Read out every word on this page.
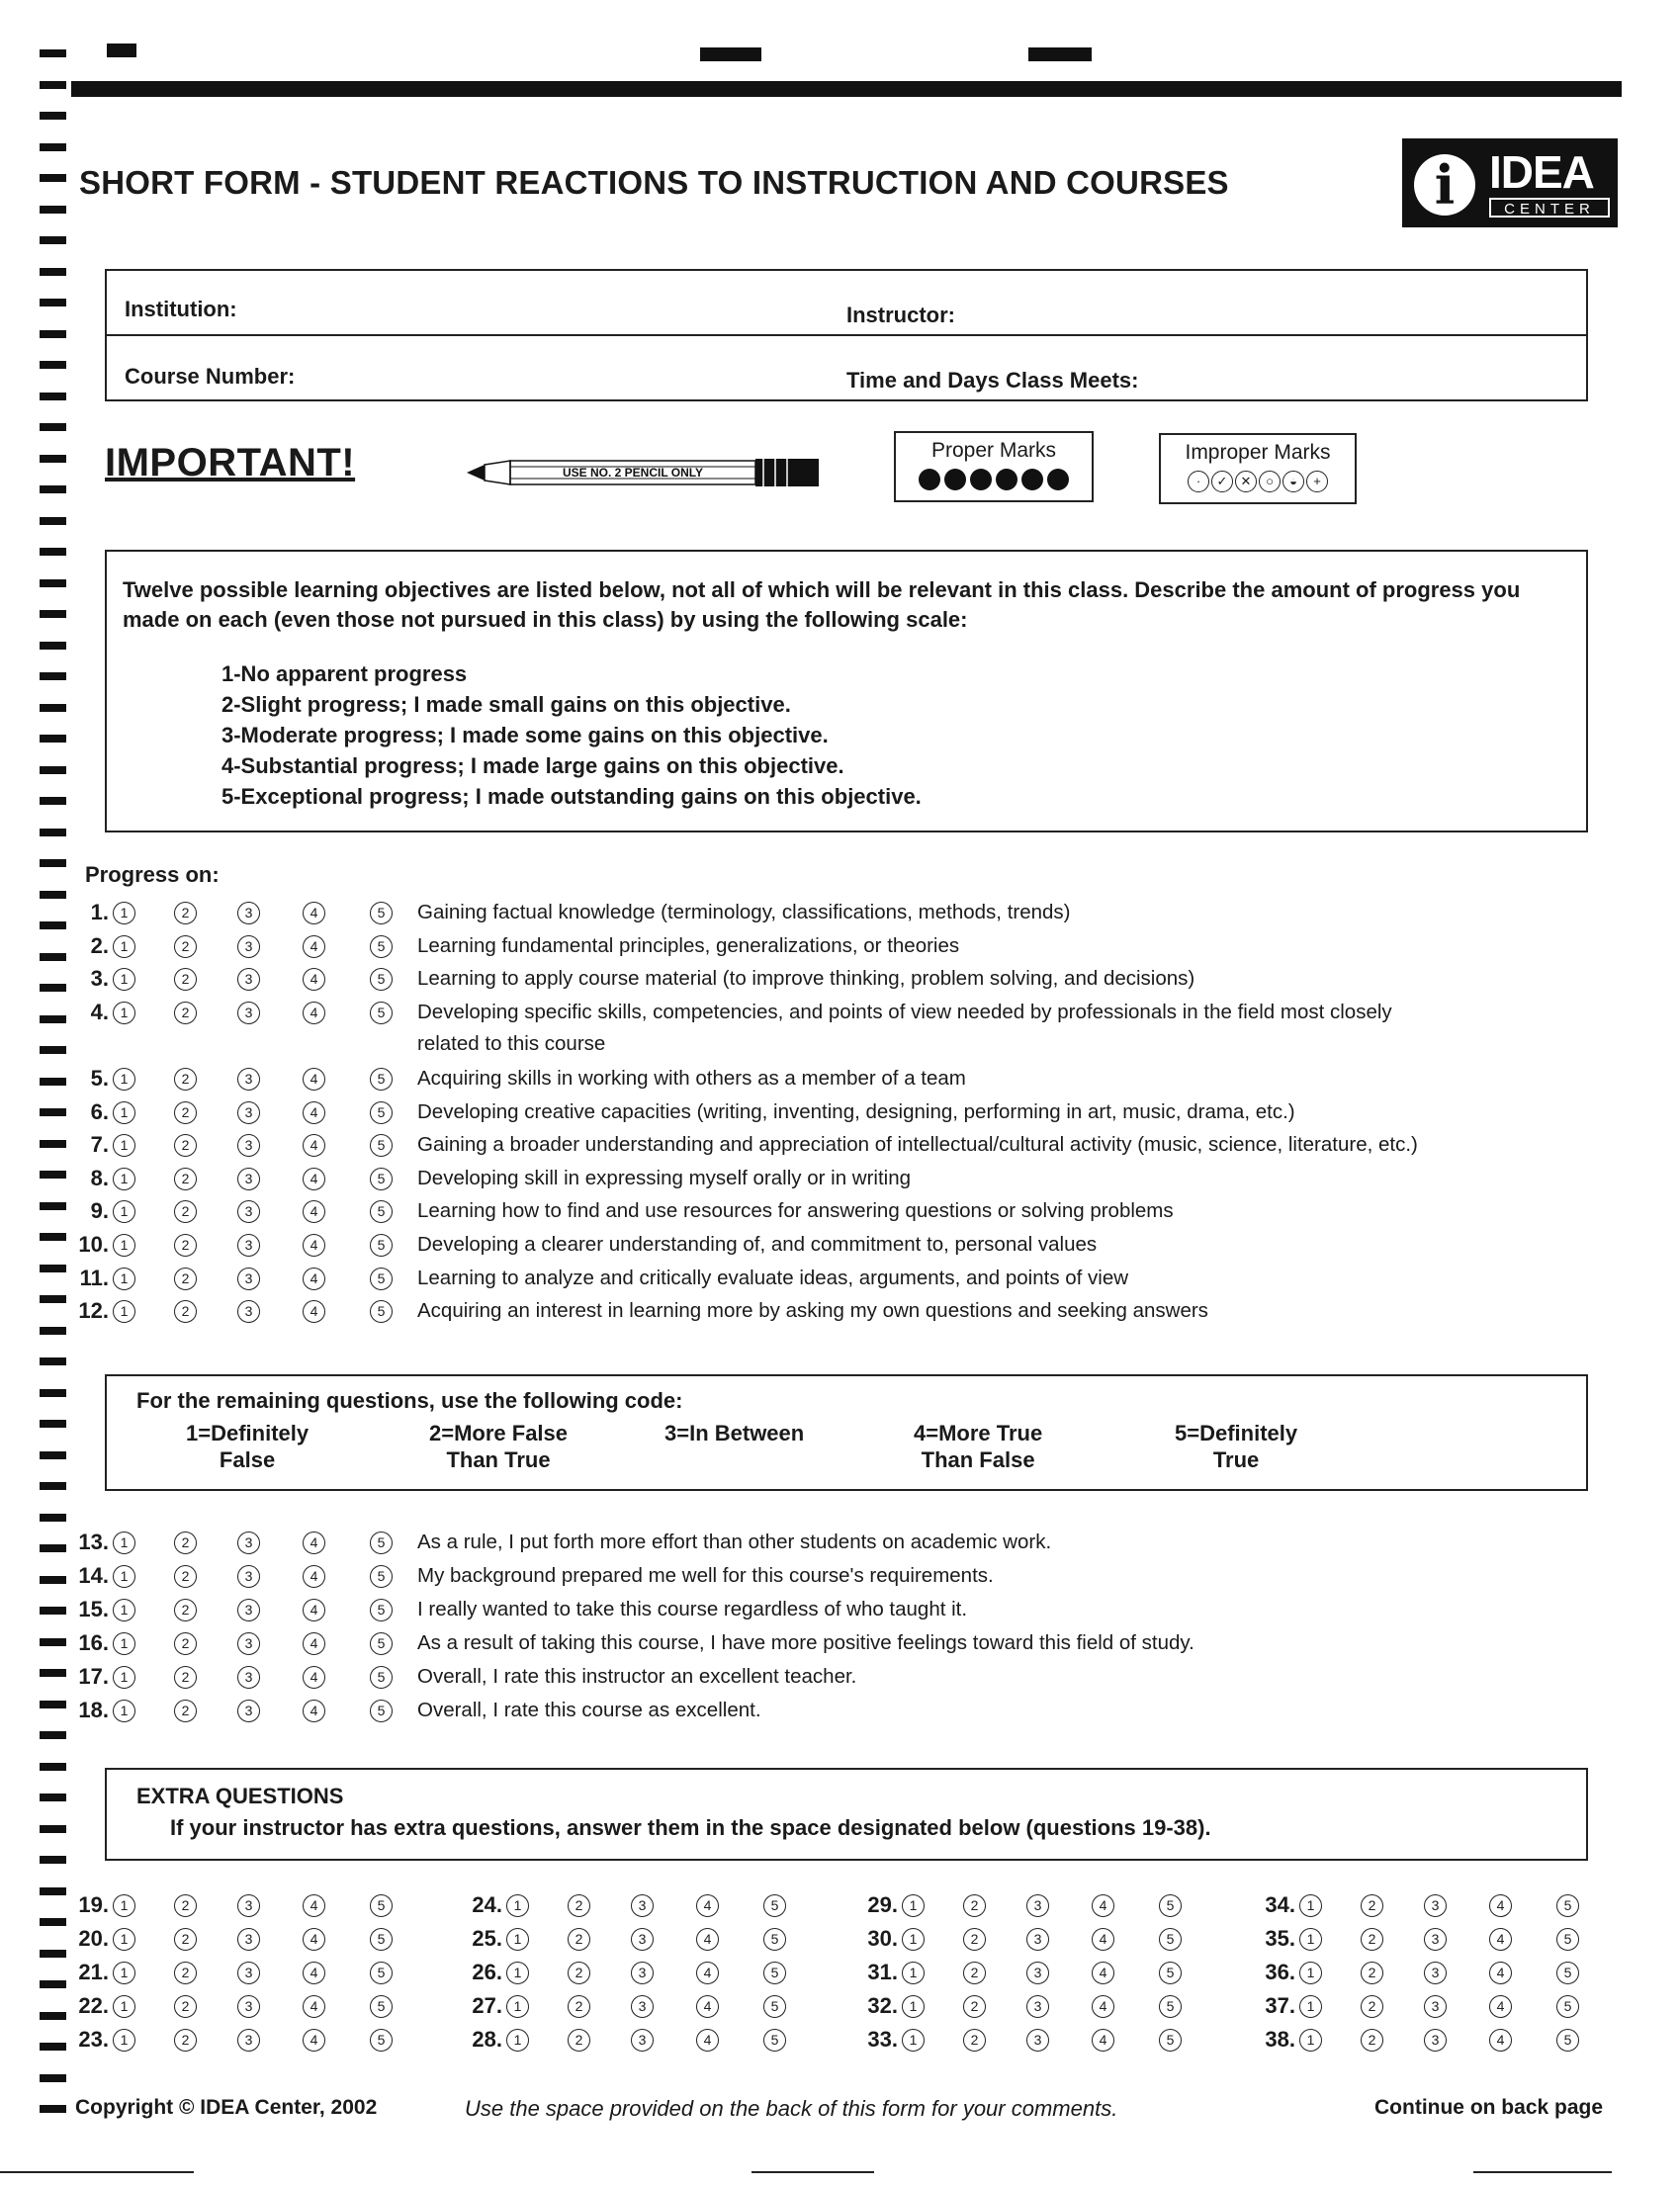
SHORT FORM - STUDENT REACTIONS TO INSTRUCTION AND COURSES	i IDEA
CENTER
Institution:	Instructor:
Course Number:	Time and Days Class Meets:
IMPORTANT!	USE NO. 2 PENCIL ONLY
Proper Marks	Improper Marks
· ✓ ✕ ○ ◒ +
Twelve possible learning objectives are listed below, not all of which will be relevant in this class. Describe the amount of progress you made on each (even those not pursued in this class) by using the following scale:
1-No apparent progress
2-Slight progress; I made small gains on this objective.
3-Moderate progress; I made some gains on this objective.
4-Substantial progress; I made large gains on this objective.
5-Exceptional progress; I made outstanding gains on this objective.
Progress on:
1. 1	2	3	4	5	Gaining factual knowledge (terminology, classifications, methods, trends)
2. 1	2	3	4	5	Learning fundamental principles, generalizations, or theories
3. 1	2	3	4	5	Learning to apply course material (to improve thinking, problem solving, and decisions)
4. 1	2	3	4	5	Developing specific skills, competencies, and points of view needed by professionals in the field most closely
related to this course
5. 1	2	3	4	5	Acquiring skills in working with others as a member of a team
6. 1	2	3	4	5	Developing creative capacities (writing, inventing, designing, performing in art, music, drama, etc.)
7. 1	2	3	4	5	Gaining a broader understanding and appreciation of intellectual/cultural activity (music, science, literature, etc.)
8. 1	2	3	4	5	Developing skill in expressing myself orally or in writing
9. 1	2	3	4	5	Learning how to find and use resources for answering questions or solving problems
10. 1	2	3	4	5	Developing a clearer understanding of, and commitment to, personal values
11. 1	2	3	4	5	Learning to analyze and critically evaluate ideas, arguments, and points of view
12. 1	2	3	4	5	Acquiring an interest in learning more by asking my own questions and seeking answers
For the remaining questions, use the following code:
1=Definitely
False
2=More False
Than True
3=In Between	4=More True
Than False
5=Definitely
True
13. 1	2	3	4	5	As a rule, I put forth more effort than other students on academic work.
14. 1	2	3	4	5	My background prepared me well for this course's requirements.
15. 1	2	3	4	5	I really wanted to take this course regardless of who taught it.
16. 1	2	3	4	5	As a result of taking this course, I have more positive feelings toward this field of study.
17. 1	2	3	4	5	Overall, I rate this instructor an excellent teacher.
18. 1	2	3	4	5	Overall, I rate this course as excellent.
EXTRA QUESTIONS
If your instructor has extra questions, answer them in the space designated below (questions 19-38).
19. 1	2	3	4	5
20. 1	2	3	4	5
21. 1	2	3	4	5
22. 1	2	3	4	5
23. 1	2	3	4	5
24. 1	2	3	4	5
25. 1	2	3	4	5
26. 1	2	3	4	5
27. 1	2	3	4	5
28. 1	2	3	4	5
29. 1	2	3	4	5
30. 1	2	3	4	5
31. 1	2	3	4	5
32. 1	2	3	4	5
33. 1	2	3	4	5
34. 1	2	3	4	5
35. 1	2	3	4	5
36. 1	2	3	4	5
37. 1	2	3	4	5
38. 1	2	3	4	5
Copyright © IDEA Center, 2002	Use the space provided on the back of this form for your comments.	Continue on back page
